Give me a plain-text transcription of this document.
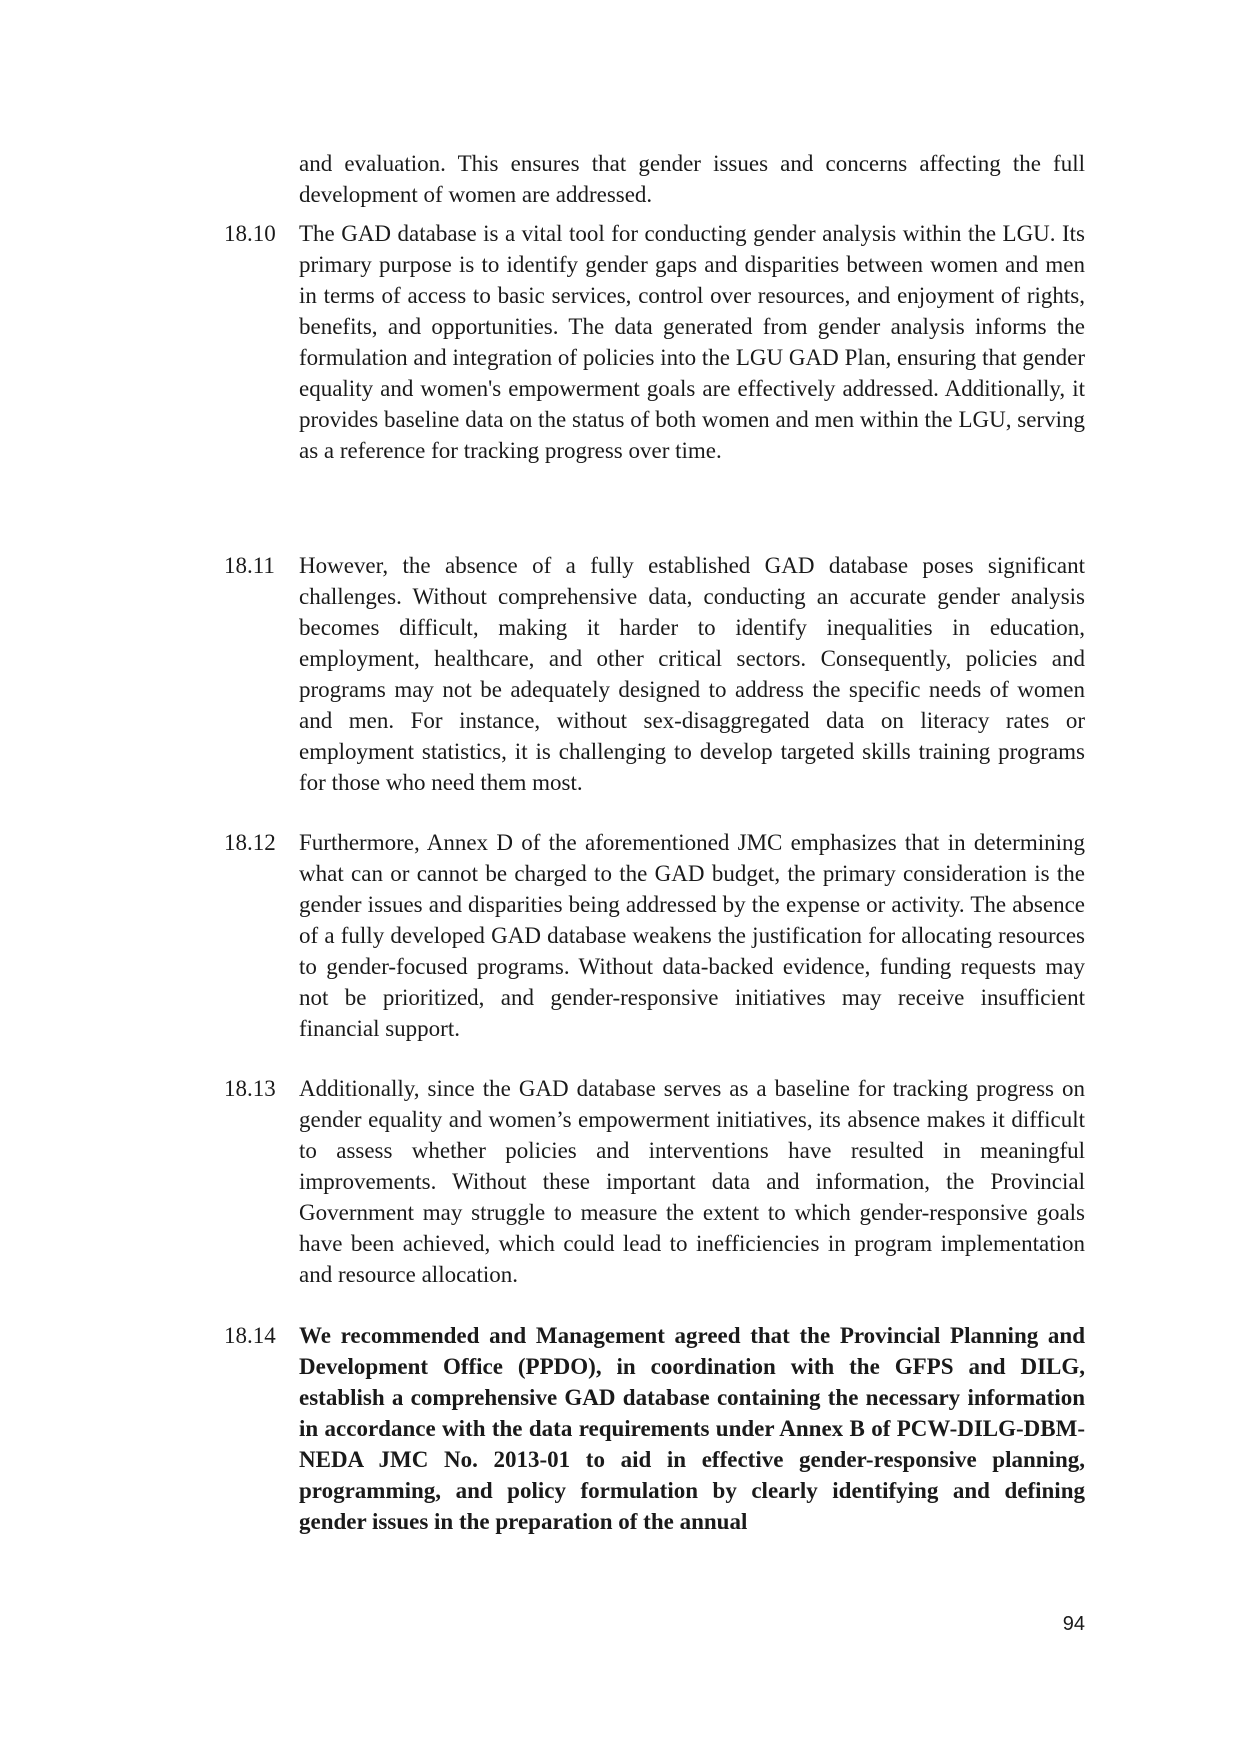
and evaluation. This ensures that gender issues and concerns affecting the full development of women are addressed.
18.10	The GAD database is a vital tool for conducting gender analysis within the LGU. Its primary purpose is to identify gender gaps and disparities between women and men in terms of access to basic services, control over resources, and enjoyment of rights, benefits, and opportunities. The data generated from gender analysis informs the formulation and integration of policies into the LGU GAD Plan, ensuring that gender equality and women's empowerment goals are effectively addressed. Additionally, it provides baseline data on the status of both women and men within the LGU, serving as a reference for tracking progress over time.
18.11	However, the absence of a fully established GAD database poses significant challenges. Without comprehensive data, conducting an accurate gender analysis becomes difficult, making it harder to identify inequalities in education, employment, healthcare, and other critical sectors. Consequently, policies and programs may not be adequately designed to address the specific needs of women and men. For instance, without sex-disaggregated data on literacy rates or employment statistics, it is challenging to develop targeted skills training programs for those who need them most.
18.12	Furthermore, Annex D of the aforementioned JMC emphasizes that in determining what can or cannot be charged to the GAD budget, the primary consideration is the gender issues and disparities being addressed by the expense or activity. The absence of a fully developed GAD database weakens the justification for allocating resources to gender-focused programs. Without data-backed evidence, funding requests may not be prioritized, and gender-responsive initiatives may receive insufficient financial support.
18.13	Additionally, since the GAD database serves as a baseline for tracking progress on gender equality and women’s empowerment initiatives, its absence makes it difficult to assess whether policies and interventions have resulted in meaningful improvements. Without these important data and information, the Provincial Government may struggle to measure the extent to which gender-responsive goals have been achieved, which could lead to inefficiencies in program implementation and resource allocation.
18.14	We recommended and Management agreed that the Provincial Planning and Development Office (PPDO), in coordination with the GFPS and DILG, establish a comprehensive GAD database containing the necessary information in accordance with the data requirements under Annex B of PCW-DILG-DBM-NEDA JMC No. 2013-01 to aid in effective gender-responsive planning, programming, and policy formulation by clearly identifying and defining gender issues in the preparation of the annual
94
